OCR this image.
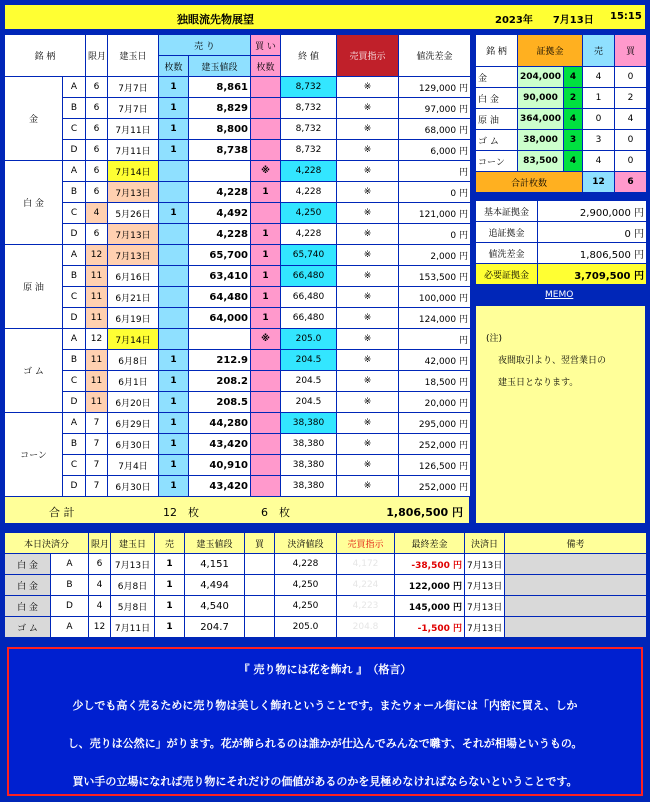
独眼流先物展望	2023年　　7月13日 15:15
銘 柄		限月	建玉日	売 り		買 い	終 値	売買指示	値洗差金
				枚数	建玉値段	枚数			
金	A	6	7月7日	1	8,861		8,732	※	129,000 円
	B	6	7月7日	1	8,829		8,732	※	97,000 円
	C	6	7月11日	1	8,800		8,732	※	68,000 円
	D	6	7月11日	1	8,738		8,732	※	6,000 円
白 金	A	6	7月14日			※	4,228	※	円
	B	6	7月13日		4,228	1	4,228	※	0 円
	C	4	5月26日	1	4,492		4,250	※	121,000 円
	D	6	7月13日		4,228	1	4,228	※	0 円
原 油	A	12	7月13日		65,700	1	65,740	※	2,000 円
	B	11	6月16日		63,410	1	66,480	※	153,500 円
	C	11	6月21日		64,480	1	66,480	※	100,000 円
	D	11	6月19日		64,000	1	66,480	※	124,000 円
ゴ ム	A	12	7月14日			※	205.0	※	円
	B	11	6月8日	1	212.9		204.5	※	42,000 円
	C	11	6月1日	1	208.2		204.5	※	18,500 円
	D	11	6月20日	1	208.5		204.5	※	20,000 円
コーン	A	7	6月29日	1	44,280		38,380	※	295,000 円
	B	7	6月30日	1	43,420		38,380	※	252,000 円
	C	7	7月4日	1	40,910		38,380	※	126,500 円
	D	7	6月30日	1	43,420		38,380	※	252,000 円
合 計	12　枚	6　枚	1,806,500 円
銘 柄	証拠金		売	買
金	204,000	4	4	0
白 金	90,000	2	1	2
原 油	364,000	4	0	4
ゴ ム	38,000	3	3	0
コーン	83,500	4	4	0
合計枚数			12	6
基本証拠金	2,900,000 円
追証拠金	0 円
値洗差金	1,806,500 円
必要証拠金	3,709,500 円
MEMO
(注)
夜間取引より、翌営業日の
建玉日となります。
本日決済分		限月	建玉日	売	建玉値段	買	決済値段	売買指示	最終差金	決済日	備考
白 金	A	6	7月13日	1	4,151		4,228	4,172	-38,500 円	7月13日	
白 金	B	4	6月8日	1	4,494		4,250	4,224	122,000 円	7月13日	
白 金	D	4	5月8日	1	4,540		4,250	4,223	145,000 円	7月13日	
ゴ ム	A	12	7月11日	1	204.7		205.0	204.8	-1,500 円	7月13日	
『 売り物には花を飾れ 』　（格言）
少しでも高く売るために売り物は美しく飾れということです。またウォール街には「内密に買え、しか
し、売りは公然に」がります。花が飾られるのは誰かが仕込んでみんなで囃す、それが相場というもの。
買い手の立場になれば売り物にそれだけの価値があるのかを見極めなければならないということです。
